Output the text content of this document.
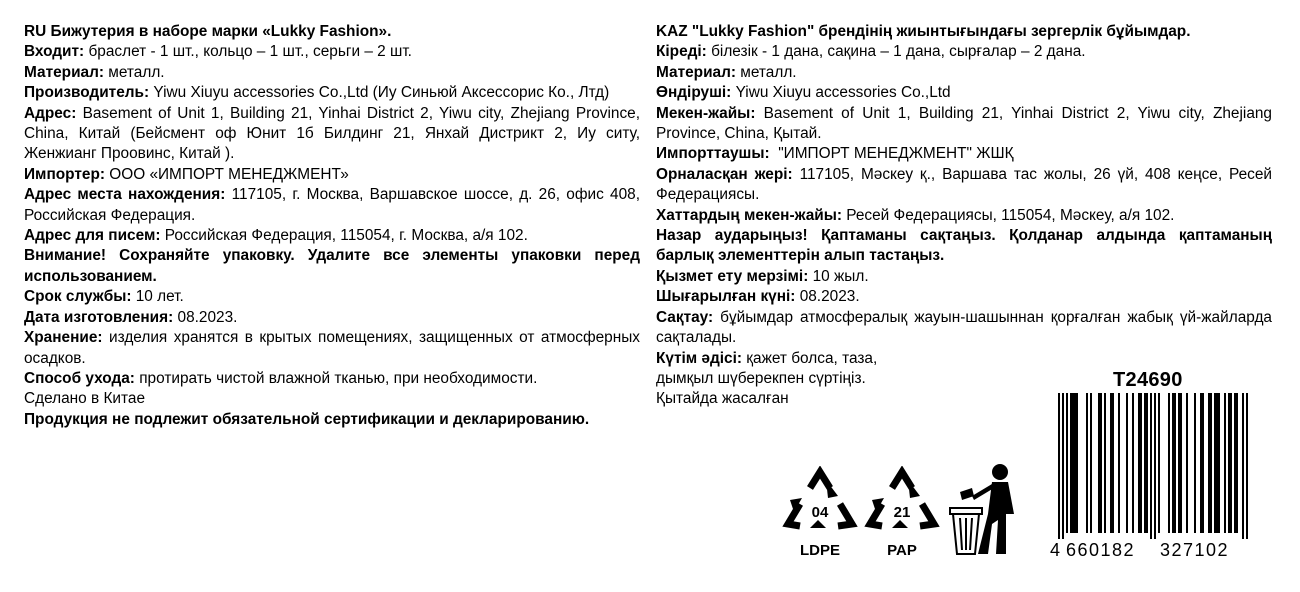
RU Бижутерия в наборе марки «Lukky Fashion».

Входит: браслет - 1 шт., кольцо – 1 шт., серьги – 2 шт.

Материал: металл.

Производитель: Yiwu Xiuyu accessories Co.,Ltd (Иу Синьюй Аксессорис Ко., Лтд)

Адрес: Basement of Unit 1, Building 21, Yinhai District 2, Yiwu city, Zhejiang Province, China, Китай (Бейсмент оф Юнит 1б Билдинг 21, Янхай Дистрикт 2, Иу ситу, Женжианг Проовинс, Китай ).

Импортер: ООО «ИМПОРТ МЕНЕДЖМЕНТ»

Адрес места нахождения: 117105, г. Москва, Варшавское шоссе, д. 26, офис 408, Российская Федерация.

Адрес для писем: Российская Федерация, 115054, г. Москва, а/я 102.

Внимание! Сохраняйте упаковку. Удалите все элементы упаковки перед использованием.

Срок службы: 10 лет.

Дата изготовления: 08.2023.

Хранение: изделия хранятся в крытых помещениях, защищенных от атмосферных осадков.

Способ ухода: протирать чистой влажной тканью, при необходимости.

Сделано в Китае

Продукция не подлежит обязательной сертификации и декларированию.

KAZ "Lukky Fashion" брендінің жиынтығындағы зергерлік бұйымдар.

Кіреді: білезік - 1 дана, сақина – 1 дана, сырғалар – 2 дана.

Материал: металл.

Өндіруші: Yiwu Xiuyu accessories Co.,Ltd

Мекен-жайы: Basement of Unit 1, Building 21, Yinhai District 2, Yiwu city, Zhejiang Province, China, Қытай.

Импорттаушы: "ИМПОРТ МЕНЕДЖМЕНТ" ЖШҚ

Орналасқан жері: 117105, Мәскеу қ., Варшава тас жолы, 26 үй, 408 кеңсе, Ресей Федерациясы.

Хаттардың мекен-жайы: Ресей Федерациясы, 115054, Мәскеу, а/я 102.

Назар аударыңыз! Қаптаманы сақтаңыз. Қолданар алдында қаптаманың барлық элементтерін алып тастаңыз.

Қызмет ету мерзімі: 10 жыл.

Шығарылған күні: 08.2023.

Сақтау: бұйымдар атмосфералық жауын-шашыннан қорғалған жабық үй-жайларда сақталады.

Күтім әдісі: қажет болса, таза,

дымқыл шүберекпен сүртіңіз.

Қытайда жасалған

04
LDPE
21
PAP
T24690
4 660182 327102
